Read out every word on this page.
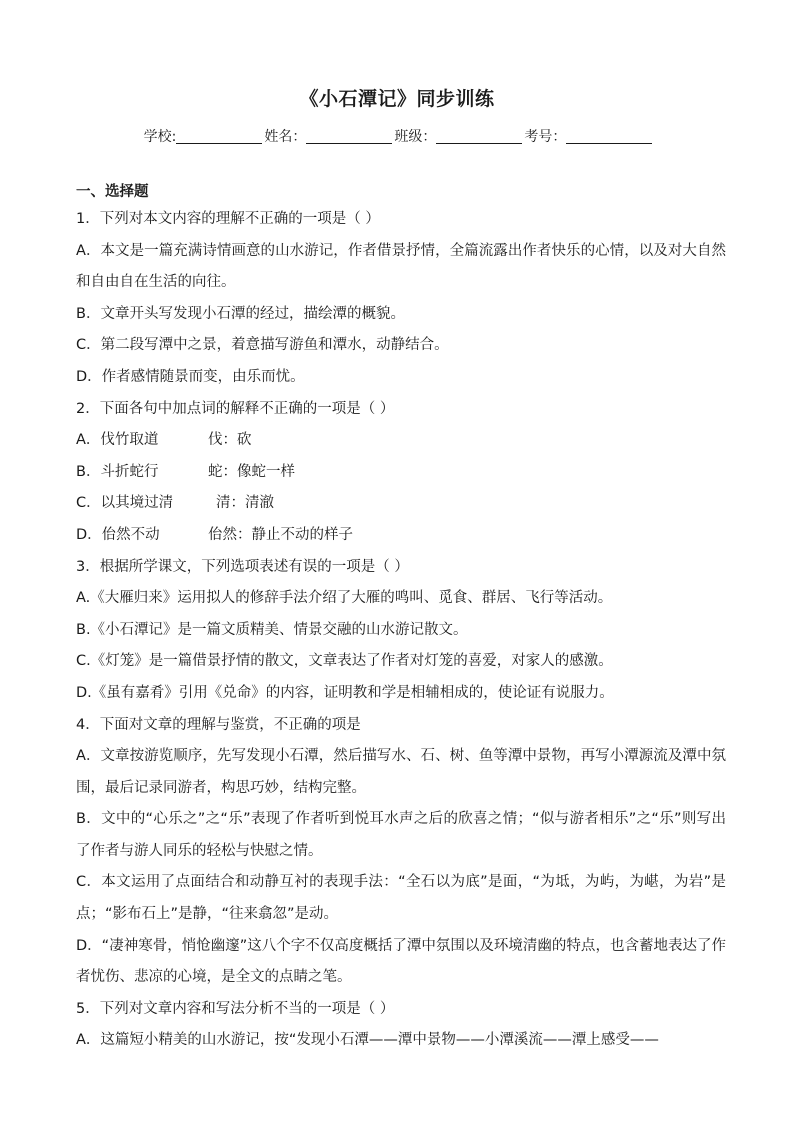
《小石潭记》同步训练
学校:	姓名：	班级：	考号：
一、选择题
1．下列对本文内容的理解不正确的一项是（ ）
A．本文是一篇充满诗情画意的山水游记，作者借景抒情，全篇流露出作者快乐的心情，以及对大自然和自由自在生活的向往。
B．文章开头写发现小石潭的经过，描绘潭的概貌。
C．第二段写潭中之景，着意描写游鱼和潭水，动静结合。
D．作者感情随景而变，由乐而忧。
2．下面各句中加点词的解释不正确的一项是（ ）
A．伐竹取道	伐：砍
B．斗折蛇行	蛇：像蛇一样
C．以其境过清	清：清澈
D．佁然不动	佁然：静止不动的样子
3．根据所学课文，下列选项表述有误的一项是（ ）
A.《大雁归来》运用拟人的修辞手法介绍了大雁的鸣叫、觅食、群居、飞行等活动。
B.《小石潭记》是一篇文质精美、情景交融的山水游记散文。
C.《灯笼》是一篇借景抒情的散文，文章表达了作者对灯笼的喜爱，对家人的感激。
D.《虽有嘉肴》引用《兑命》的内容，证明教和学是相辅相成的，使论证有说服力。
4．下面对文章的理解与鉴赏，不正确的项是
A．文章按游览顺序，先写发现小石潭，然后描写水、石、树、鱼等潭中景物，再写小潭源流及潭中氛围，最后记录同游者，构思巧妙，结构完整。
B．文中的“心乐之”之“乐”表现了作者听到悦耳水声之后的欣喜之情；“似与游者相乐”之“乐”则写出了作者与游人同乐的轻松与快慰之情。
C．本文运用了点面结合和动静互衬的表现手法：“全石以为底”是面，“为坻，为屿，为嵁，为岩”是点；“影布石上”是静，“往来翕忽”是动。
D．“凄神寒骨，悄怆幽邃”这八个字不仅高度概括了潭中氛围以及环境清幽的特点，也含蓄地表达了作者忧伤、悲凉的心境，是全文的点睛之笔。
5．下列对文章内容和写法分析不当的一项是（ ）
A．这篇短小精美的山水游记，按“发现小石潭——潭中景物——小潭溪流——潭上感受——
